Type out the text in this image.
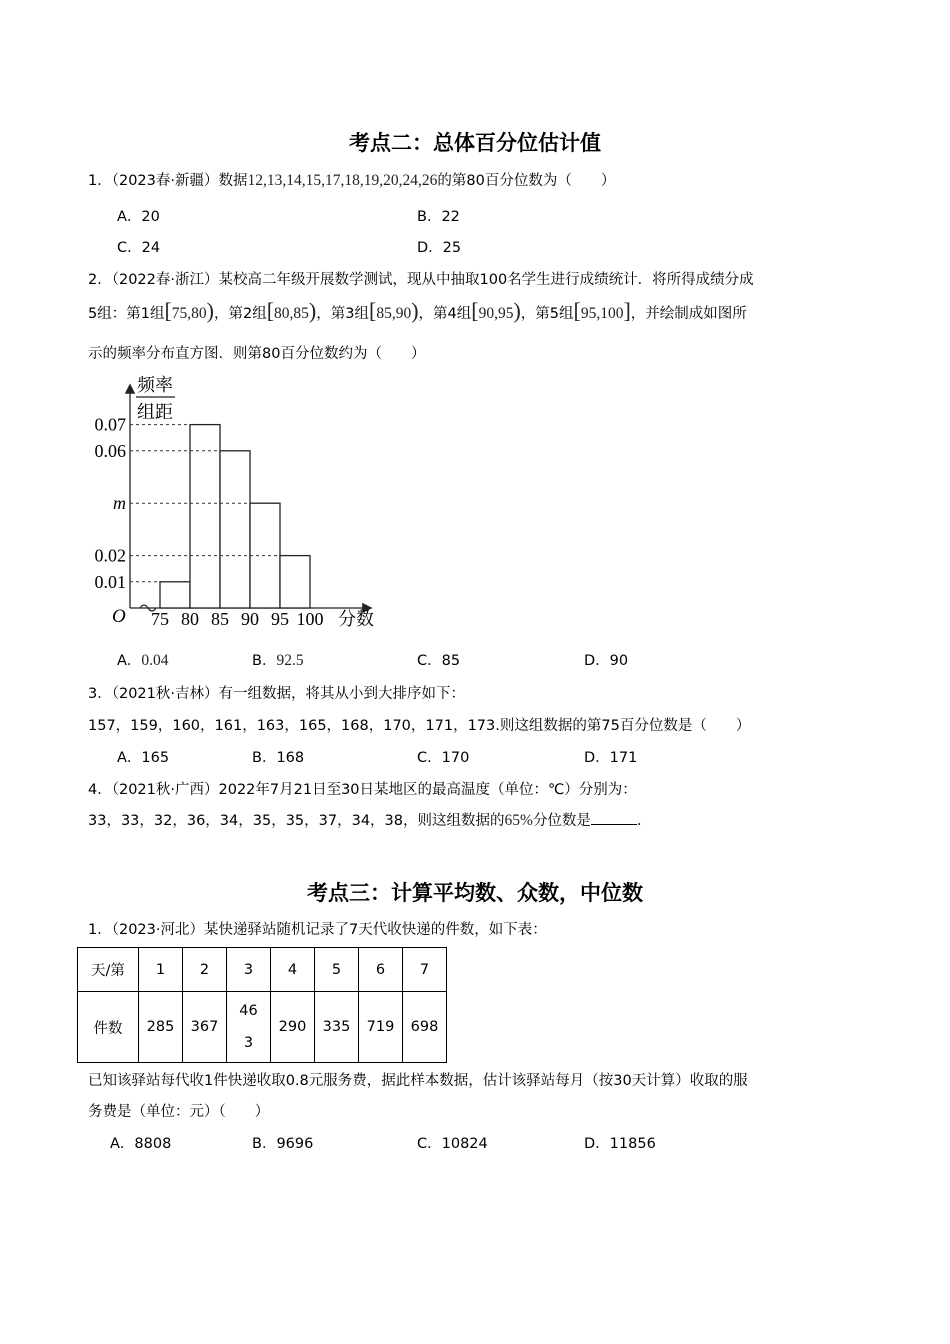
考点二：总体百分位估计值
1．（2023春·新疆）数据12,13,14,15,17,18,19,20,24,26的第80百分位数为（　　）
A．20	B．22
C．24	D．25
2．（2022春·浙江）某校高二年级开展数学测试，现从中抽取100名学生进行成绩统计．将所得成绩分成
5组：第1组[75,80)，第2组[80,85)，第3组[85,90)，第4组[90,95)，第5组[95,100]，并绘制成如图所
示的频率分布直方图．则第80百分位数约为（　　）
频率
组距
O	分数
0.07
0.06
m
0.02
0.01
75 80 85 90 95 100
A．0.04	B．92.5	C．85	D．90
3．（2021秋·吉林）有一组数据，将其从小到大排序如下：
157，159，160，161，163，165，168，170，171，173.则这组数据的第75百分位数是（　　）
A．165	B．168	C．170	D．171
4．（2021秋·广西）2022年7月21日至30日某地区的最高温度（单位：℃）分别为：
33，33，32，36，34，35，35，37，34，38，则这组数据的65%分位数是	．
考点三：计算平均数、众数，中位数
1．（2023·河北）某快递驿站随机记录了7天代收快递的件数，如下表：
天/第	1	2	3	4	5	6	7
件数	285	367	463	290	335	719	698
已知该驿站每代收1件快递收取0.8元服务费，据此样本数据，估计该驿站每月（按30天计算）收取的服
务费是（单位：元）（　　）
A．8808	B．9696	C．10824	D．11856
